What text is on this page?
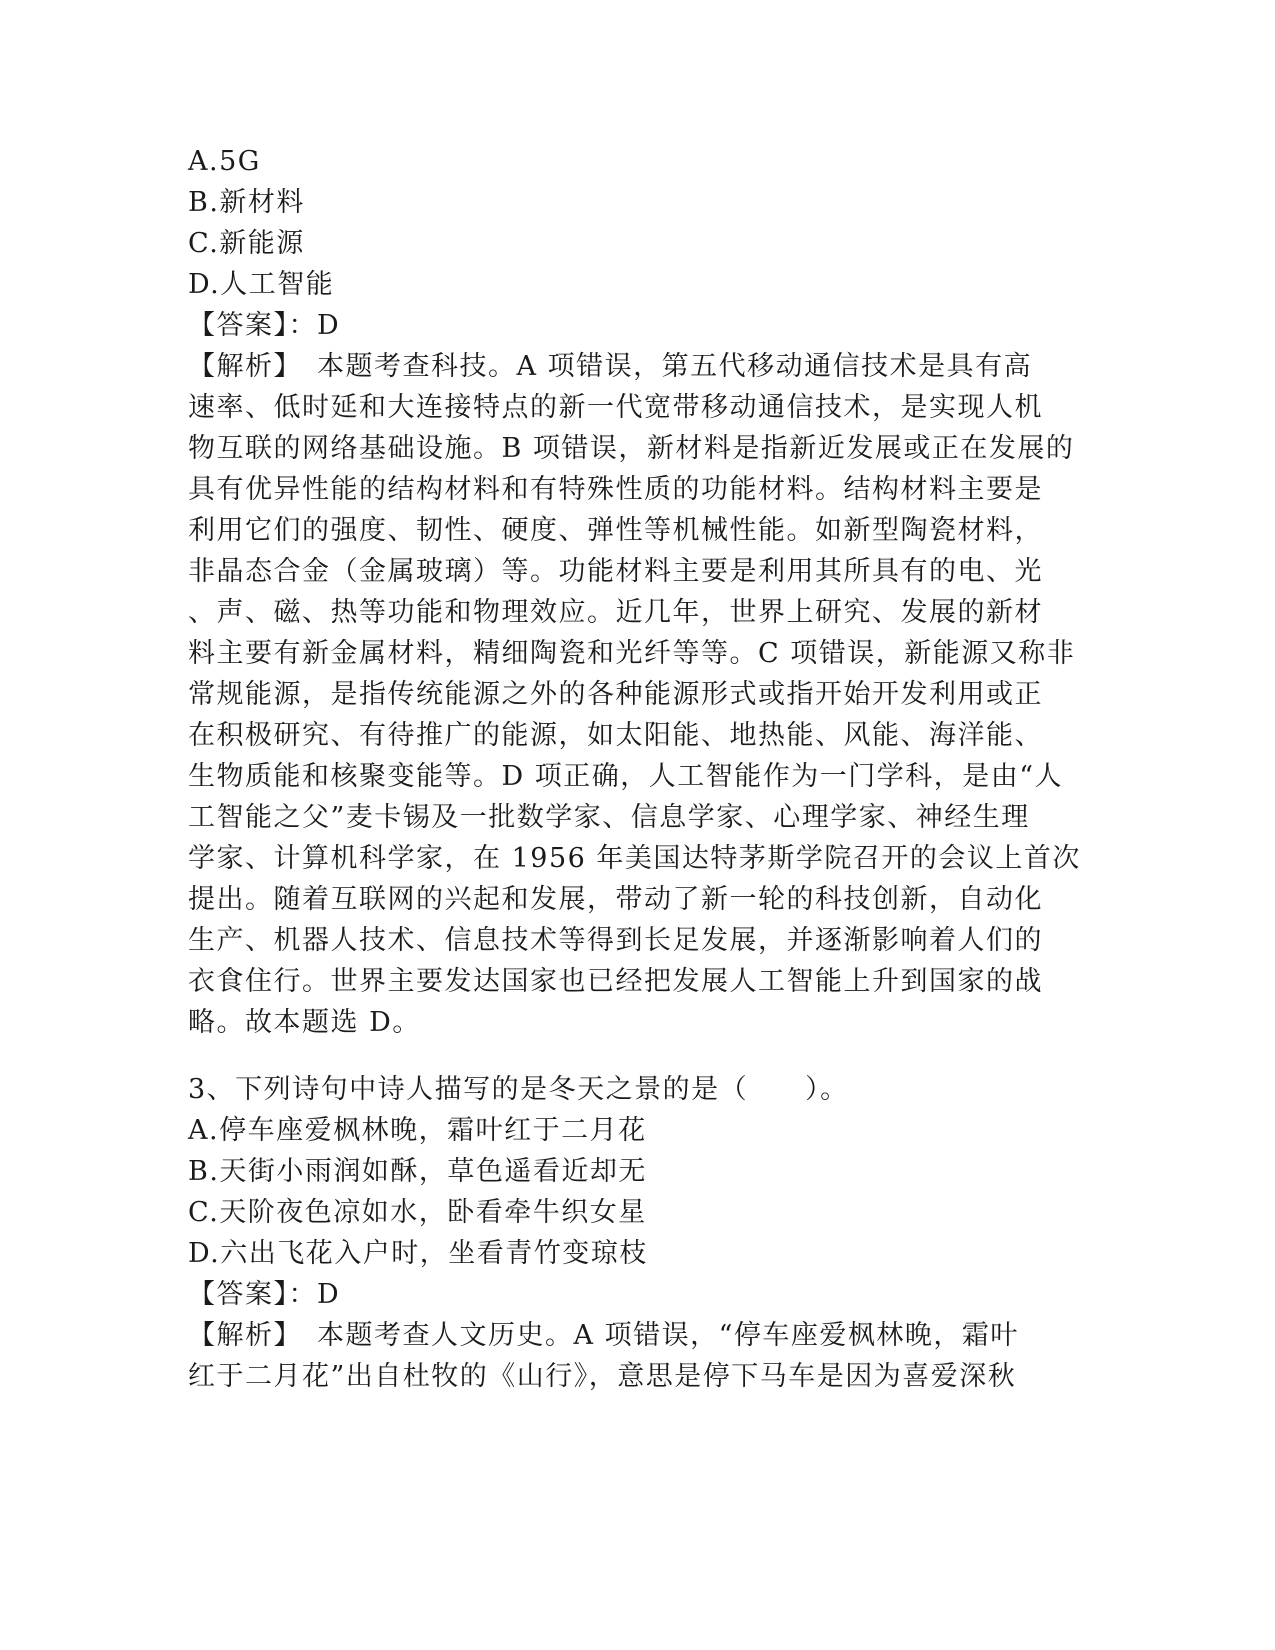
A.5G
B.新材料
C.新能源
D.人工智能
【答案】：D
【解析】　本题考查科技。A 项错误，第五代移动通信技术是具有高
速率、低时延和大连接特点的新一代宽带移动通信技术，是实现人机
物互联的网络基础设施。B 项错误，新材料是指新近发展或正在发展的
具有优异性能的结构材料和有特殊性质的功能材料。结构材料主要是
利用它们的强度、韧性、硬度、弹性等机械性能。如新型陶瓷材料，
非晶态合金（金属玻璃）等。功能材料主要是利用其所具有的电、光
、声、磁、热等功能和物理效应。近几年，世界上研究、发展的新材
料主要有新金属材料，精细陶瓷和光纤等等。C 项错误，新能源又称非
常规能源，是指传统能源之外的各种能源形式或指开始开发利用或正
在积极研究、有待推广的能源，如太阳能、地热能、风能、海洋能、
生物质能和核聚变能等。D 项正确，人工智能作为一门学科，是由“人
工智能之父”麦卡锡及一批数学家、信息学家、心理学家、神经生理
学家、计算机科学家，在 1956 年美国达特茅斯学院召开的会议上首次
提出。随着互联网的兴起和发展，带动了新一轮的科技创新，自动化
生产、机器人技术、信息技术等得到长足发展，并逐渐影响着人们的
衣食住行。世界主要发达国家也已经把发展人工智能上升到国家的战
略。故本题选 D。
3、下列诗句中诗人描写的是冬天之景的是（　　）。
A.停车座爱枫林晚，霜叶红于二月花
B.天街小雨润如酥，草色遥看近却无
C.天阶夜色凉如水，卧看牵牛织女星
D.六出飞花入户时，坐看青竹变琼枝
【答案】：D
【解析】　本题考查人文历史。A 项错误，“停车座爱枫林晚，霜叶
红于二月花”出自杜牧的《山行》，意思是停下马车是因为喜爱深秋
